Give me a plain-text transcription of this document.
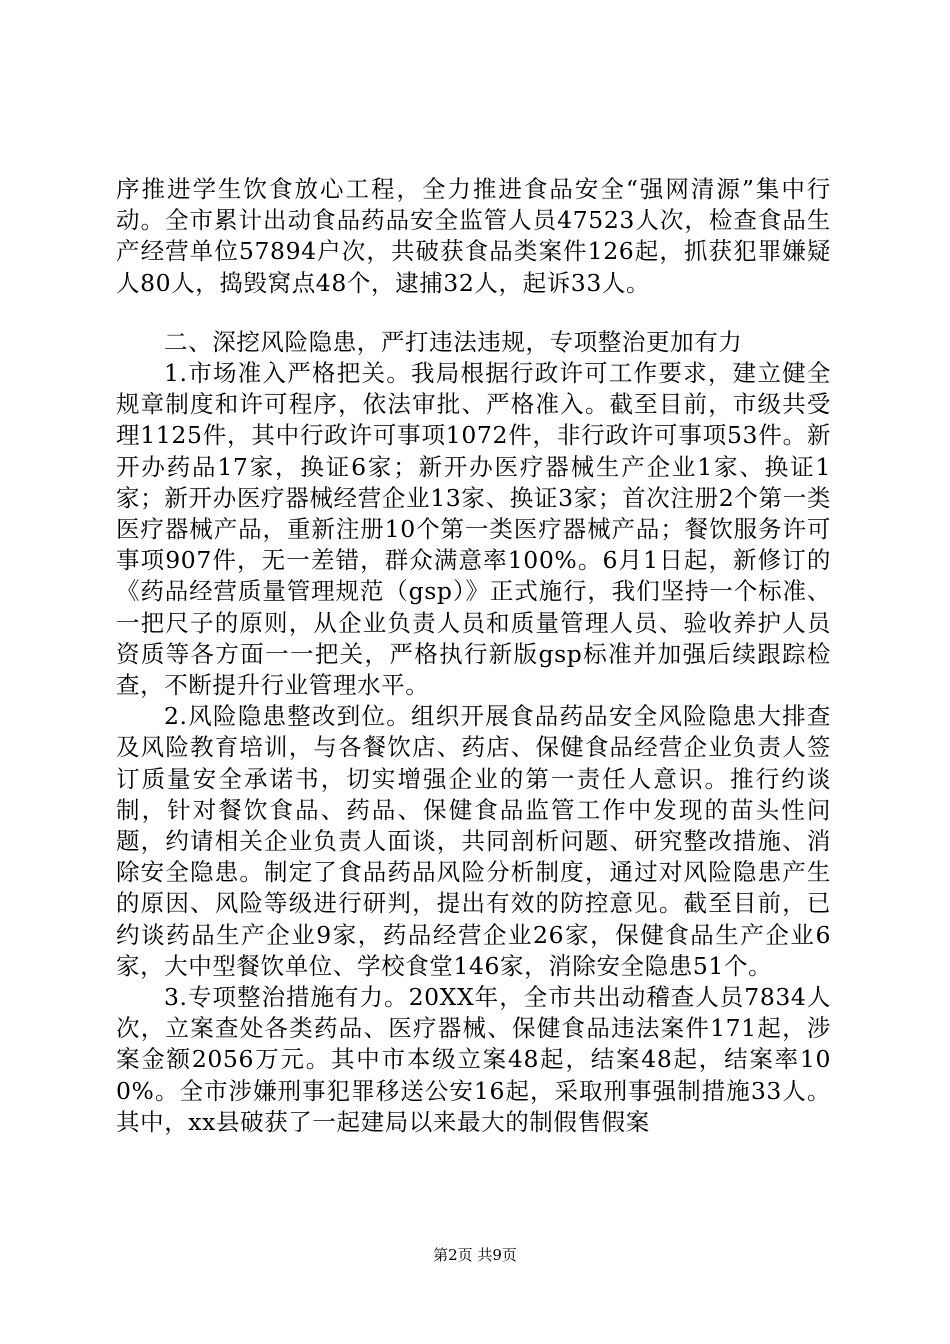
序推进学生饮食放心工程，全力推进食品安全“强网清源”集中行动。全市累计出动食品药品安全监管人员47523人次，检查食品生产经营单位57894户次，共破获食品类案件126起，抓获犯罪嫌疑人80人，捣毁窝点48个，逮捕32人，起诉33人。

二、深挖风险隐患，严打违法违规，专项整治更加有力

1.市场准入严格把关。我局根据行政许可工作要求，建立健全规章制度和许可程序，依法审批、严格准入。截至目前，市级共受理1125件，其中行政许可事项1072件，非行政许可事项53件。新开办药品17家，换证6家；新开办医疗器械生产企业1家、换证1家；新开办医疗器械经营企业13家、换证3家；首次注册2个第一类医疗器械产品，重新注册10个第一类医疗器械产品；餐饮服务许可事项907件，无一差错，群众满意率100%。6月1日起，新修订的《药品经营质量管理规范（gsp）》正式施行，我们坚持一个标准、一把尺子的原则，从企业负责人员和质量管理人员、验收养护人员资质等各方面一一把关，严格执行新版gsp标准并加强后续跟踪检查，不断提升行业管理水平。

2.风险隐患整改到位。组织开展食品药品安全风险隐患大排查及风险教育培训，与各餐饮店、药店、保健食品经营企业负责人签订质量安全承诺书，切实增强企业的第一责任人意识。推行约谈制，针对餐饮食品、药品、保健食品监管工作中发现的苗头性问题，约请相关企业负责人面谈，共同剖析问题、研究整改措施、消除安全隐患。制定了食品药品风险分析制度，通过对风险隐患产生的原因、风险等级进行研判，提出有效的防控意见。截至目前，已约谈药品生产企业9家，药品经营企业26家，保健食品生产企业6家，大中型餐饮单位、学校食堂146家，消除安全隐患51个。

3.专项整治措施有力。20XX年，全市共出动稽查人员7834人次，立案查处各类药品、医疗器械、保健食品违法案件171起，涉案金额2056万元。其中市本级立案48起，结案48起，结案率100%。全市涉嫌刑事犯罪移送公安16起，采取刑事强制措施33人。其中，xx县破获了一起建局以来最大的制假售假案

第2页 共9页
